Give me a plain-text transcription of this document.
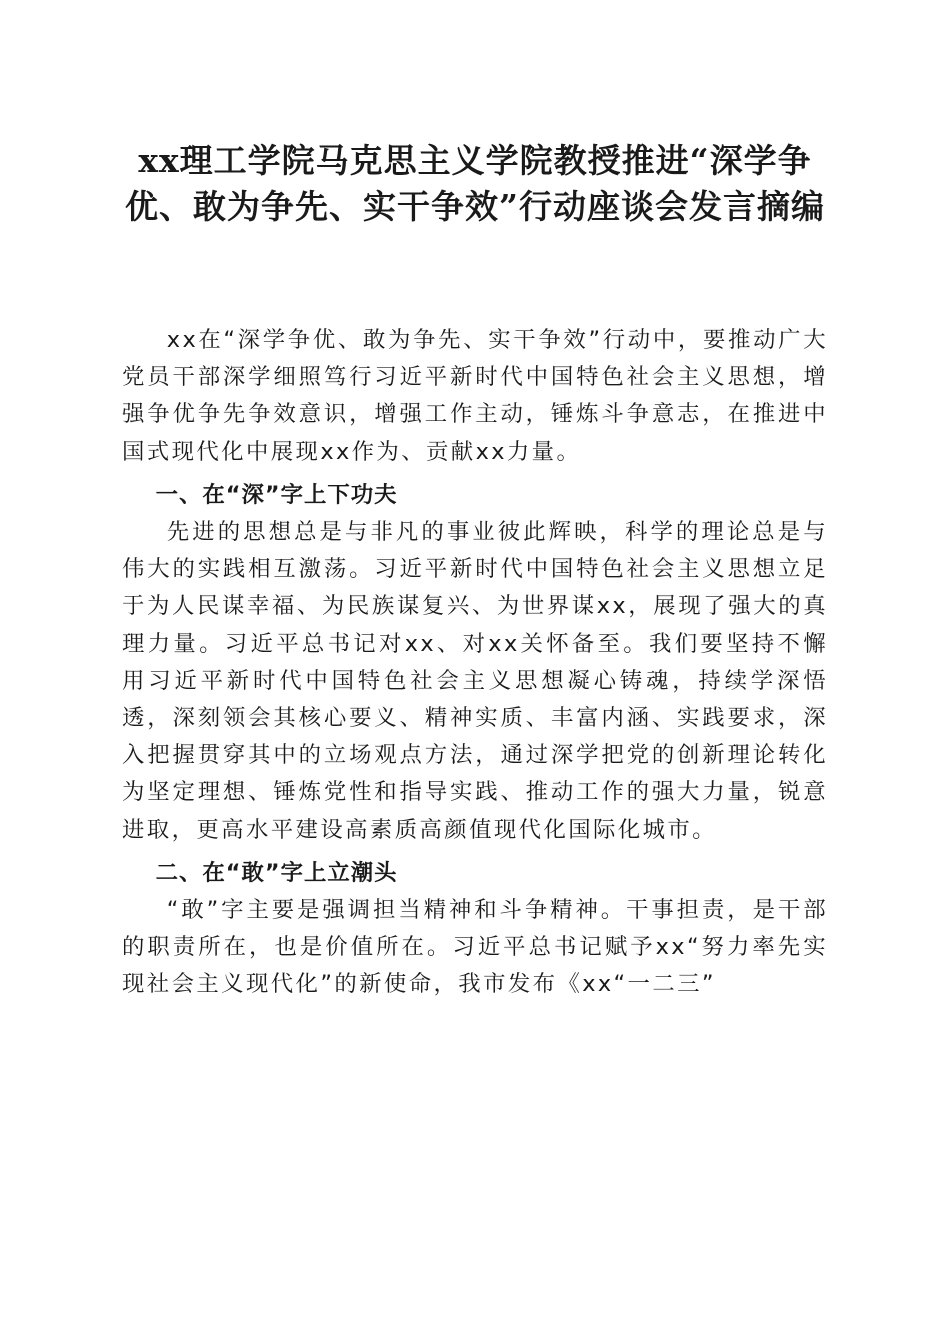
xx理工学院马克思主义学院教授推进“深学争优、敢为争先、实干争效”行动座谈会发言摘编

xx在“深学争优、敢为争先、实干争效”行动中，要推动广大党员干部深学细照笃行习近平新时代中国特色社会主义思想，增强争优争先争效意识，增强工作主动，锤炼斗争意志，在推进中国式现代化中展现xx作为、贡献xx力量。

一、在“深”字上下功夫

先进的思想总是与非凡的事业彼此辉映，科学的理论总是与伟大的实践相互激荡。习近平新时代中国特色社会主义思想立足于为人民谋幸福、为民族谋复兴、为世界谋xx，展现了强大的真理力量。习近平总书记对xx、对xx关怀备至。我们要坚持不懈用习近平新时代中国特色社会主义思想凝心铸魂，持续学深悟透，深刻领会其核心要义、精神实质、丰富内涵、实践要求，深入把握贯穿其中的立场观点方法，通过深学把党的创新理论转化为坚定理想、锤炼党性和指导实践、推动工作的强大力量，锐意进取，更高水平建设高素质高颜值现代化国际化城市。

二、在“敢”字上立潮头

“敢”字主要是强调担当精神和斗争精神。干事担责，是干部的职责所在，也是价值所在。习近平总书记赋予xx“努力率先实现社会主义现代化”的新使命，我市发布《xx“一二三”
